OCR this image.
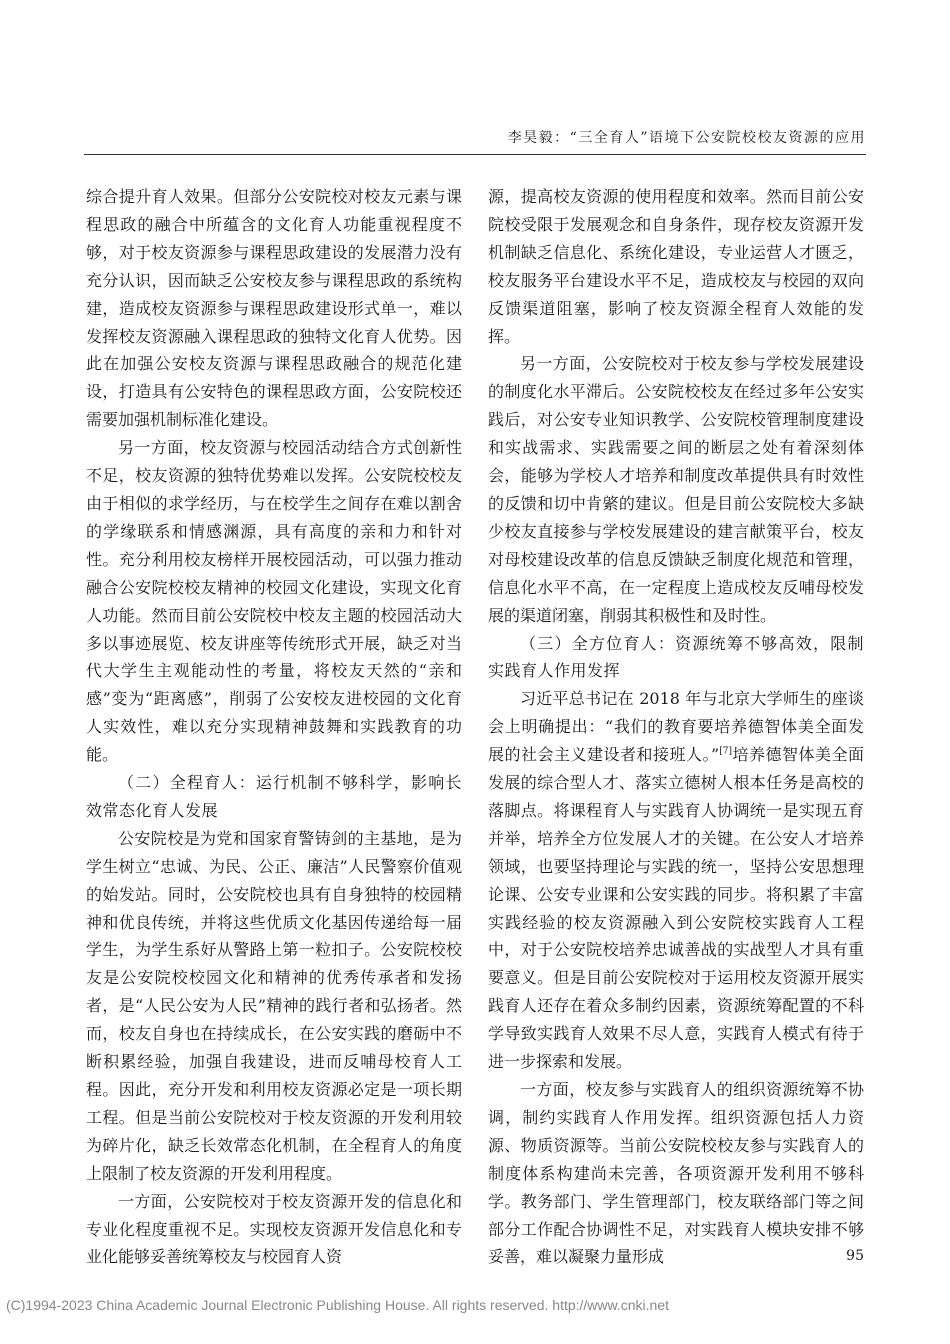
李昊毅：“三全育人”语境下公安院校校友资源的应用

综合提升育人效果。但部分公安院校对校友元素与课程思政的融合中所蕴含的文化育人功能重视程度不够，对于校友资源参与课程思政建设的发展潜力没有充分认识，因而缺乏公安校友参与课程思政的系统构建，造成校友资源参与课程思政建设形式单一，难以发挥校友资源融入课程思政的独特文化育人优势。因此在加强公安校友资源与课程思政融合的规范化建设，打造具有公安特色的课程思政方面，公安院校还需要加强机制标准化建设。

另一方面，校友资源与校园活动结合方式创新性不足，校友资源的独特优势难以发挥。公安院校校友由于相似的求学经历，与在校学生之间存在难以割舍的学缘联系和情感渊源，具有高度的亲和力和针对性。充分利用校友榜样开展校园活动，可以强力推动融合公安院校校友精神的校园文化建设，实现文化育人功能。然而目前公安院校中校友主题的校园活动大多以事迹展览、校友讲座等传统形式开展，缺乏对当代大学生主观能动性的考量，将校友天然的“亲和感”变为“距离感”，削弱了公安校友进校园的文化育人实效性，难以充分实现精神鼓舞和实践教育的功能。

（二）全程育人：运行机制不够科学，影响长效常态化育人发展

公安院校是为党和国家育警铸剑的主基地，是为学生树立“忠诚、为民、公正、廉洁”人民警察价值观的始发站。同时，公安院校也具有自身独特的校园精神和优良传统，并将这些优质文化基因传递给每一届学生，为学生系好从警路上第一粒扣子。公安院校校友是公安院校校园文化和精神的优秀传承者和发扬者，是“人民公安为人民”精神的践行者和弘扬者。然而，校友自身也在持续成长，在公安实践的磨砺中不断积累经验，加强自我建设，进而反哺母校育人工程。因此，充分开发和利用校友资源必定是一项长期工程。但是当前公安院校对于校友资源的开发利用较为碎片化，缺乏长效常态化机制，在全程育人的角度上限制了校友资源的开发利用程度。

一方面，公安院校对于校友资源开发的信息化和专业化程度重视不足。实现校友资源开发信息化和专业化能够妥善统筹校友与校园育人资

源，提高校友资源的使用程度和效率。然而目前公安院校受限于发展观念和自身条件，现存校友资源开发机制缺乏信息化、系统化建设，专业运营人才匮乏，校友服务平台建设水平不足，造成校友与校园的双向反馈渠道阻塞，影响了校友资源全程育人效能的发挥。

另一方面，公安院校对于校友参与学校发展建设的制度化水平滞后。公安院校校友在经过多年公安实践后，对公安专业知识教学、公安院校管理制度建设和实战需求、实践需要之间的断层之处有着深刻体会，能够为学校人才培养和制度改革提供具有时效性的反馈和切中肯綮的建议。但是目前公安院校大多缺少校友直接参与学校发展建设的建言献策平台，校友对母校建设改革的信息反馈缺乏制度化规范和管理，信息化水平不高，在一定程度上造成校友反哺母校发展的渠道闭塞，削弱其积极性和及时性。

（三）全方位育人：资源统筹不够高效，限制实践育人作用发挥

习近平总书记在 2018 年与北京大学师生的座谈会上明确提出：“我们的教育要培养德智体美全面发展的社会主义建设者和接班人。”[7]培养德智体美全面发展的综合型人才、落实立德树人根本任务是高校的落脚点。将课程育人与实践育人协调统一是实现五育并举，培养全方位发展人才的关键。在公安人才培养领域，也要坚持理论与实践的统一，坚持公安思想理论课、公安专业课和公安实践的同步。将积累了丰富实践经验的校友资源融入到公安院校实践育人工程中，对于公安院校培养忠诚善战的实战型人才具有重要意义。但是目前公安院校对于运用校友资源开展实践育人还存在着众多制约因素，资源统筹配置的不科学导致实践育人效果不尽人意，实践育人模式有待于进一步探索和发展。

一方面，校友参与实践育人的组织资源统筹不协调，制约实践育人作用发挥。组织资源包括人力资源、物质资源等。当前公安院校校友参与实践育人的制度体系构建尚未完善，各项资源开发利用不够科学。教务部门、学生管理部门，校友联络部门等之间部分工作配合协调性不足，对实践育人模块安排不够妥善，难以凝聚力量形成	95
(C)1994-2023 China Academic Journal Electronic Publishing House. All rights reserved. http://www.cnki.net
